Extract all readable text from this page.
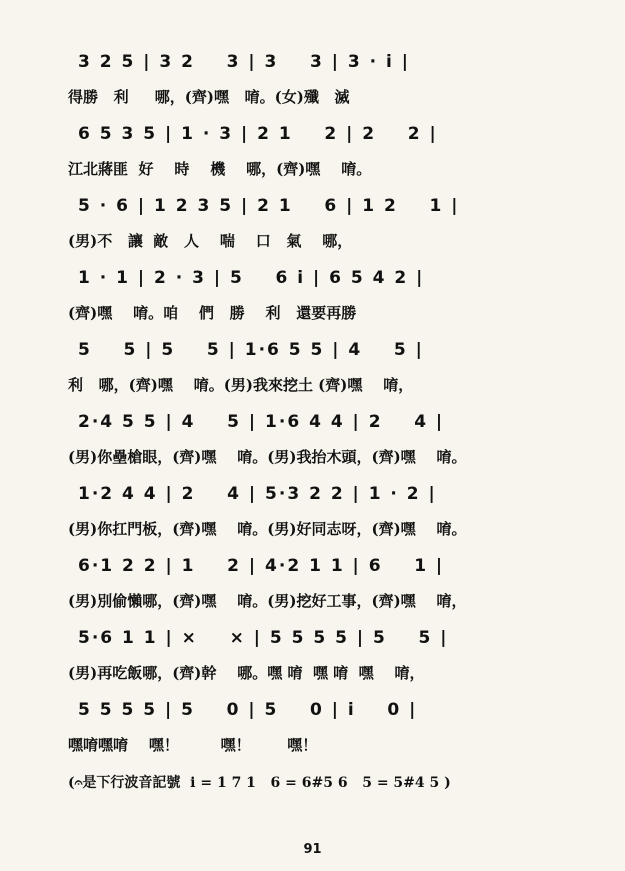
3 2 5 | 3 2    3 | 3    3 | 3 · i |
得勝   利     哪，(齊)嘿   唷。(女)殲   滅
6 5 3 5 | 1 · 3 | 2 1    2 | 2    2 |
江北蔣匪  好    時    機    哪，(齊)嘿    唷。
5 · 6 | 1 2 3 5 | 2 1    6 | 1 2    1 |
(男)不   讓  敵   人    喘    口   氣    哪，
1 · 1 | 2 · 3 | 5    6 i | 6 5 4 2 |
(齊)嘿    唷。咱    們   勝    利   還要再勝
5    5 | 5    5 | 1·6 5 5 | 4    5 |
利   哪，(齊)嘿    唷。(男)我來挖土 (齊)嘿    唷，
2·4 5 5 | 4    5 | 1·6 4 4 | 2    4 |
(男)你壘槍眼，(齊)嘿    唷。(男)我抬木頭，(齊)嘿    唷。
1·2 4 4 | 2    4 | 5·3 2 2 | 1 · 2 |
(男)你扛門板，(齊)嘿    唷。(男)好同志呀，(齊)嘿    唷。
6·1 2 2 | 1    2 | 4·2 1 1 | 6    1 |
(男)別偷懶哪，(齊)嘿    唷。(男)挖好工事，(齊)嘿    唷，
5·6 1 1 | ×    × | 5 5 5 5 | 5    5 |
(男)再吃飯哪，(齊)幹    哪。嘿 唷  嘿 唷  嘿    唷，
5 5 5 5 | 5    0 | 5    0 | i    0 |
嘿唷嘿唷    嘿！        嘿！       嘿！
(𝄐是下行波音記號  i = 1 7 1   6 = 6#5 6   5 = 5#4 5 )
91
